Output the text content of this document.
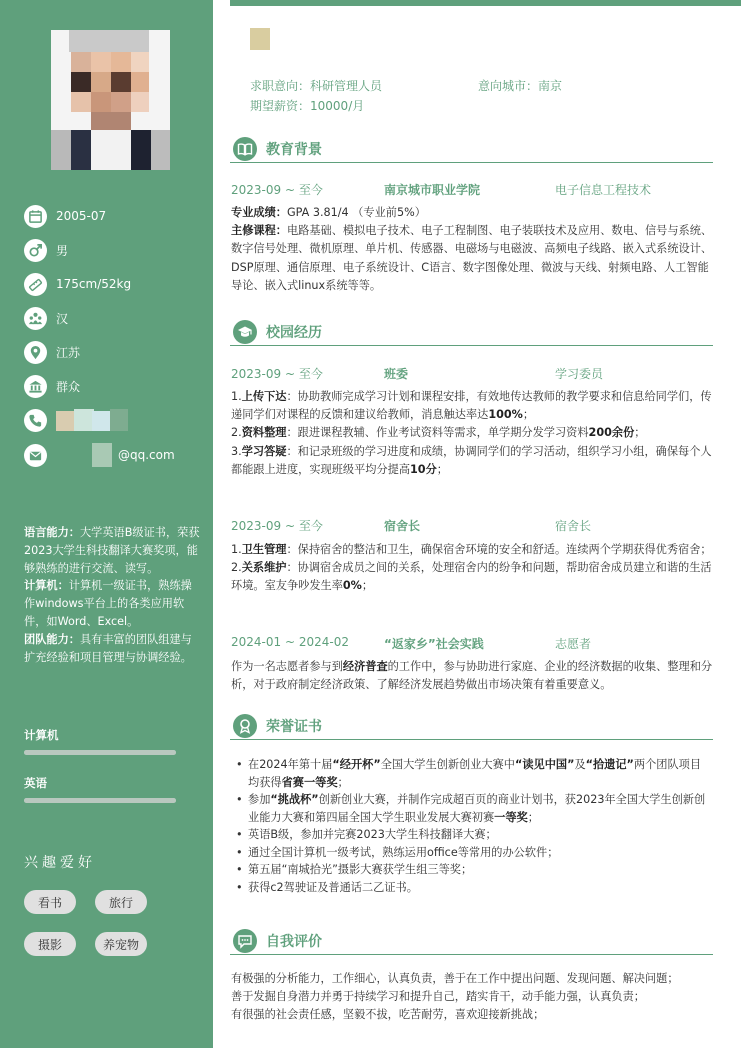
2005-07
男
175cm/52kg
汉
江苏
群众
@qq.com
语言能力：大学英语B级证书，荣获2023大学生科技翻译大赛奖项，能够熟练的进行交流、读写。
计算机：计算机一级证书，熟练操作windows平台上的各类应用软件，如Word、Excel。
团队能力：具有丰富的团队组建与扩充经验和项目管理与协调经验。
计算机
英语
兴趣爱好
看书	旅行
摄影	养宠物
求职意向：科研管理人员	意向城市：南京
期望薪资：10000/月
教育背景
2023-09 ~ 至今	南京城市职业学院	电子信息工程技术
专业成绩：GPA 3.81/4 （专业前5%）
主修课程：电路基础、模拟电子技术、电子工程制图、电子装联技术及应用、数电、信号与系统、数字信号处理、微机原理、单片机、传感器、电磁场与电磁波、高频电子线路、嵌入式系统设计、DSP原理、通信原理、电子系统设计、C语言、数字图像处理、微波与天线、射频电路、人工智能导论、嵌入式linux系统等等。
校园经历
2023-09 ~ 至今	班委	学习委员
1.上传下达：协助教师完成学习计划和课程安排，有效地传达教师的教学要求和信息给同学们，传递同学们对课程的反馈和建议给教师，消息触达率达100%；
2.资料整理：跟进课程教辅、作业考试资料等需求，单学期分发学习资料200余份；
3.学习答疑：和记录班级的学习进度和成绩，协调同学们的学习活动，组织学习小组，确保每个人都能跟上进度，实现班级平均分提高10分；
2023-09 ~ 至今	宿舍长	宿舍长
1.卫生管理：保持宿舍的整洁和卫生，确保宿舍环境的安全和舒适。连续两个学期获得优秀宿舍；
2.关系维护：协调宿舍成员之间的关系，处理宿舍内的纷争和问题，帮助宿舍成员建立和谐的生活环境。室友争吵发生率0%；
2024-01 ~ 2024-02	“返家乡”社会实践	志愿者
作为一名志愿者参与到经济普查的工作中，参与协助进行家庭、企业的经济数据的收集、整理和分析，对于政府制定经济政策、了解经济发展趋势做出市场决策有着重要意义。
荣誉证书
• 在2024年第十届“经开杯”全国大学生创新创业大赛中“读见中国”及“拾遗记”两个团队项目均获得省赛一等奖；
• 参加“挑战杯”创新创业大赛，并制作完成超百页的商业计划书，获2023年全国大学生创新创业能力大赛和第四届全国大学生职业发展大赛初赛一等奖；
• 英语B级，参加并完赛2023大学生科技翻译大赛；
• 通过全国计算机一级考试，熟练运用office等常用的办公软件；
• 第五届“南城拾光”摄影大赛获学生组三等奖；
• 获得c2驾驶证及普通话二乙证书。
自我评价
有极强的分析能力，工作细心，认真负责，善于在工作中提出问题、发现问题、解决问题；
善于发掘自身潜力并勇于持续学习和提升自己，踏实肯干，动手能力强，认真负责；
有很强的社会责任感，坚毅不拔，吃苦耐劳，喜欢迎接新挑战；
